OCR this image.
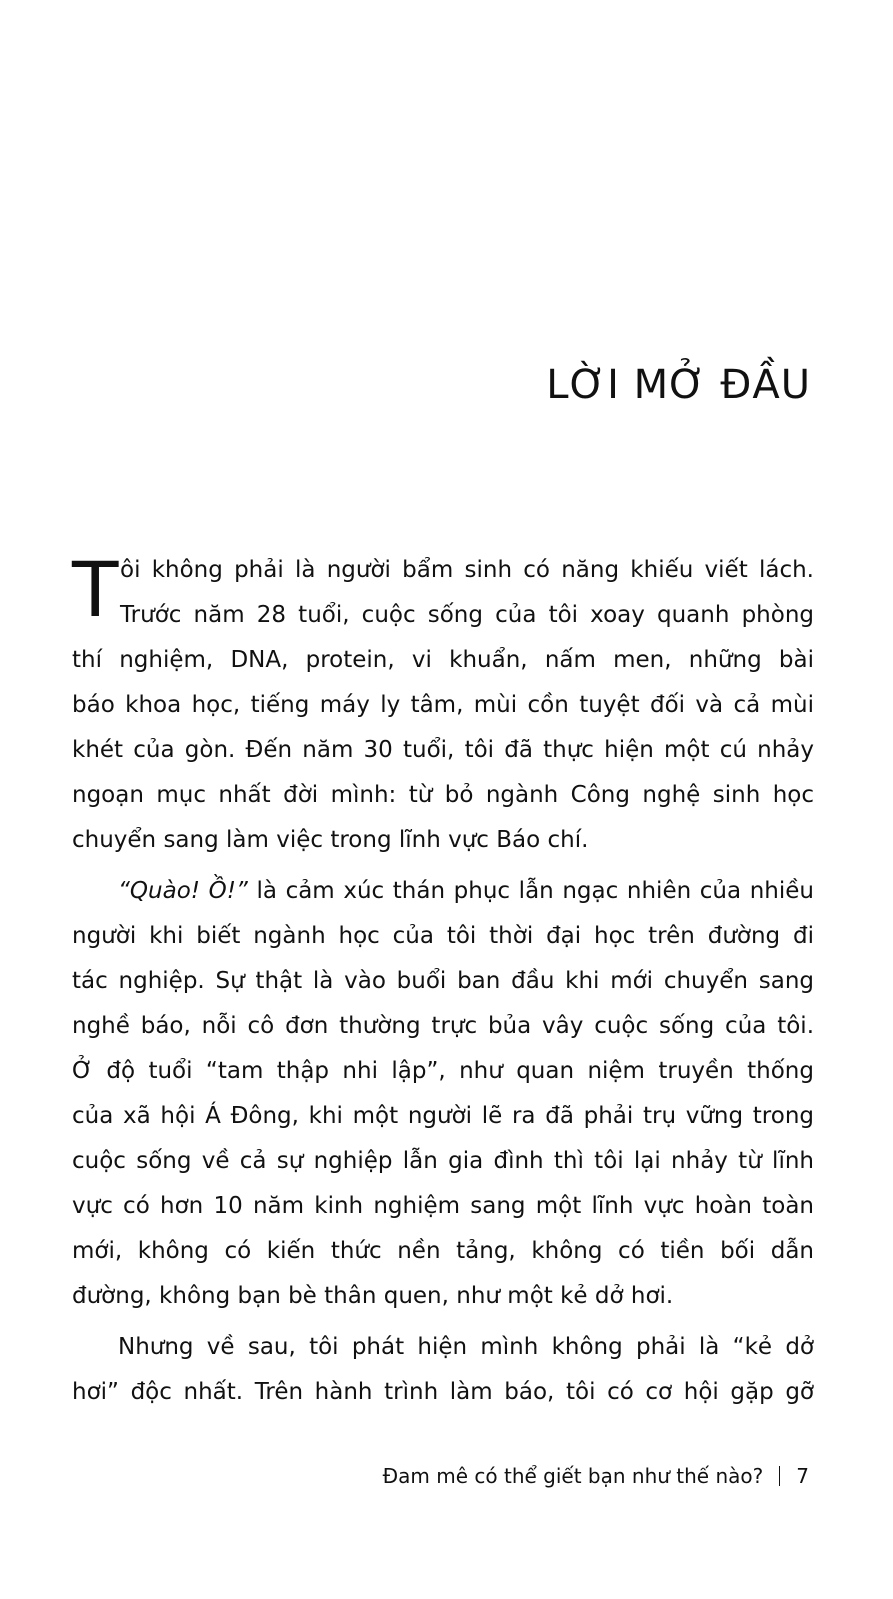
LỜI MỞ ĐẦU
T ôi không phải là người bẩm sinh có năng khiếu viết lách.
Trước năm 28 tuổi, cuộc sống của tôi xoay quanh phòng
thí nghiệm, DNA, protein, vi khuẩn, nấm men, những bài
báo khoa học, tiếng máy ly tâm, mùi cồn tuyệt đối và cả mùi
khét của gòn. Đến năm 30 tuổi, tôi đã thực hiện một cú nhảy
ngoạn mục nhất đời mình: từ bỏ ngành Công nghệ sinh học
chuyển sang làm việc trong lĩnh vực Báo chí.
“Quào! Ồ!” là cảm xúc thán phục lẫn ngạc nhiên của nhiều
người khi biết ngành học của tôi thời đại học trên đường đi
tác nghiệp. Sự thật là vào buổi ban đầu khi mới chuyển sang
nghề báo, nỗi cô đơn thường trực bủa vây cuộc sống của tôi.
Ở độ tuổi “tam thập nhi lập”, như quan niệm truyền thống
của xã hội Á Đông, khi một người lẽ ra đã phải trụ vững trong
cuộc sống về cả sự nghiệp lẫn gia đình thì tôi lại nhảy từ lĩnh
vực có hơn 10 năm kinh nghiệm sang một lĩnh vực hoàn toàn
mới, không có kiến thức nền tảng, không có tiền bối dẫn
đường, không bạn bè thân quen, như một kẻ dở hơi.
Nhưng về sau, tôi phát hiện mình không phải là “kẻ dở
hơi” độc nhất. Trên hành trình làm báo, tôi có cơ hội gặp gỡ
Đam mê có thể giết bạn như thế nào? 7
